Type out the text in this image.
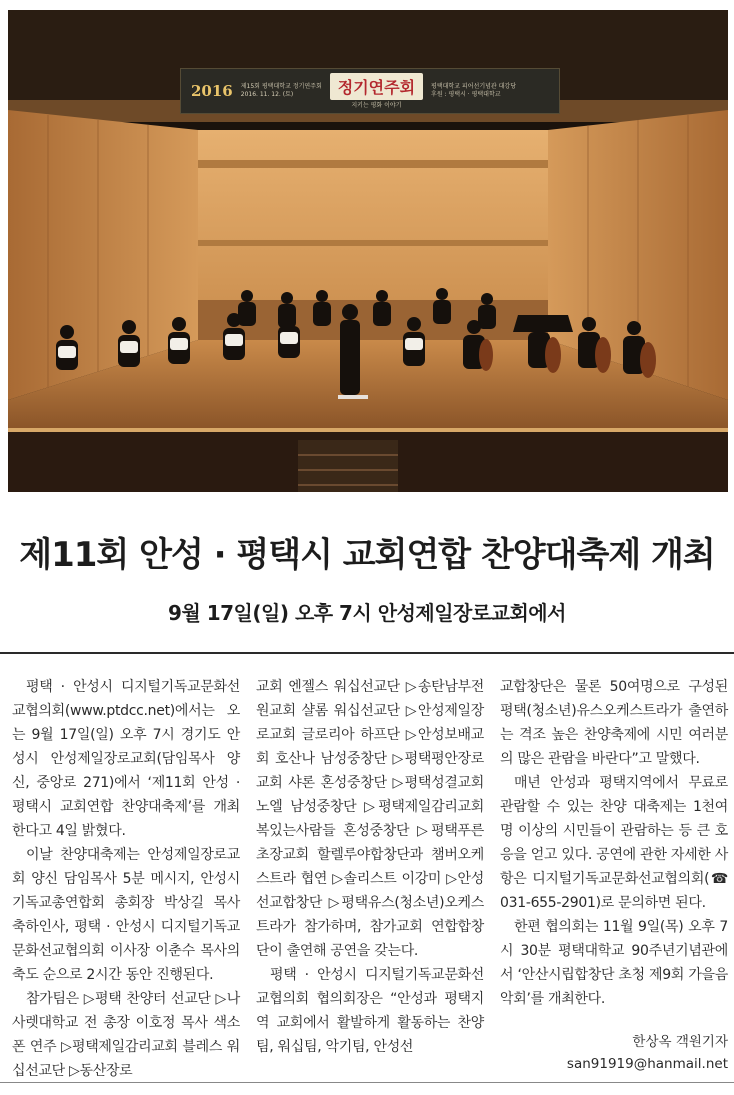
2016 제15회 평택대학교 정기연주회
2016. 11. 12. (토)	정기연주회
지키는 평화 이야기
평택대학교 피어선기념관 대강당
후원 : 평택시 · 평택대학교
제11회 안성 · 평택시 교회연합 찬양대축제 개최
9월 17일(일) 오후 7시 안성제일장로교회에서

평택 · 안성시 디지털기독교문화선교협의회(www.ptdcc.net)에서는 오는 9월 17일(일) 오후 7시 경기도 안성시 안성제일장로교회(담임목사 양신, 중앙로 271)에서 ‘제11회 안성 · 평택시 교회연합 찬양대축제’를 개최한다고 4일 밝혔다.

이날 찬양대축제는 안성제일장로교회 양신 담임목사 5분 메시지, 안성시 기독교총연합회 총회장 박상길 목사 축하인사, 평택 · 안성시 디지털기독교문화선교협의회 이사장 이춘수 목사의 축도 순으로 2시간 동안 진행된다.

참가팀은 ▷평택 찬양터 선교단 ▷나사렛대학교 전 총장 이호정 목사 색소폰 연주 ▷평택제일감리교회 블레스 워십선교단 ▷동산장로

교회 엔젤스 워십선교단 ▷송탄남부전원교회 샬롬 워십선교단 ▷안성제일장로교회 글로리아 하프단 ▷안성보배교회 호산나 남성중창단 ▷평택평안장로교회 샤론 혼성중창단 ▷평택성결교회 노엘 남성중창단 ▷평택제일감리교회 복있는사람들 혼성중창단 ▷평택푸른초장교회 할렐루야합창단과 챔버오케스트라 협연 ▷솔리스트 이강미 ▷안성선교합창단 ▷평택유스(청소년)오케스트라가 참가하며, 참가교회 연합합창단이 출연해 공연을 갖는다.

평택 · 안성시 디지털기독교문화선교협의회 협의회장은 “안성과 평택지역 교회에서 활발하게 활동하는 찬양팀, 워십팀, 악기팀, 안성선

교합창단은 물론 50여명으로 구성된 평택(청소년)유스오케스트라가 출연하는 격조 높은 찬양축제에 시민 여러분의 많은 관람을 바란다”고 말했다.

매년 안성과 평택지역에서 무료로 관람할 수 있는 찬양 대축제는 1천여 명 이상의 시민들이 관람하는 등 큰 호응을 얻고 있다. 공연에 관한 자세한 사항은 디지털기독교문화선교협의회(☎ 031-655-2901)로 문의하면 된다.

한편 협의회는 11월 9일(목) 오후 7시 30분 평택대학교 90주년기념관에서 ‘안산시립합창단 초청 제9회 가을음악회’를 개최한다.

한상옥 객원기자
san91919@hanmail.net
